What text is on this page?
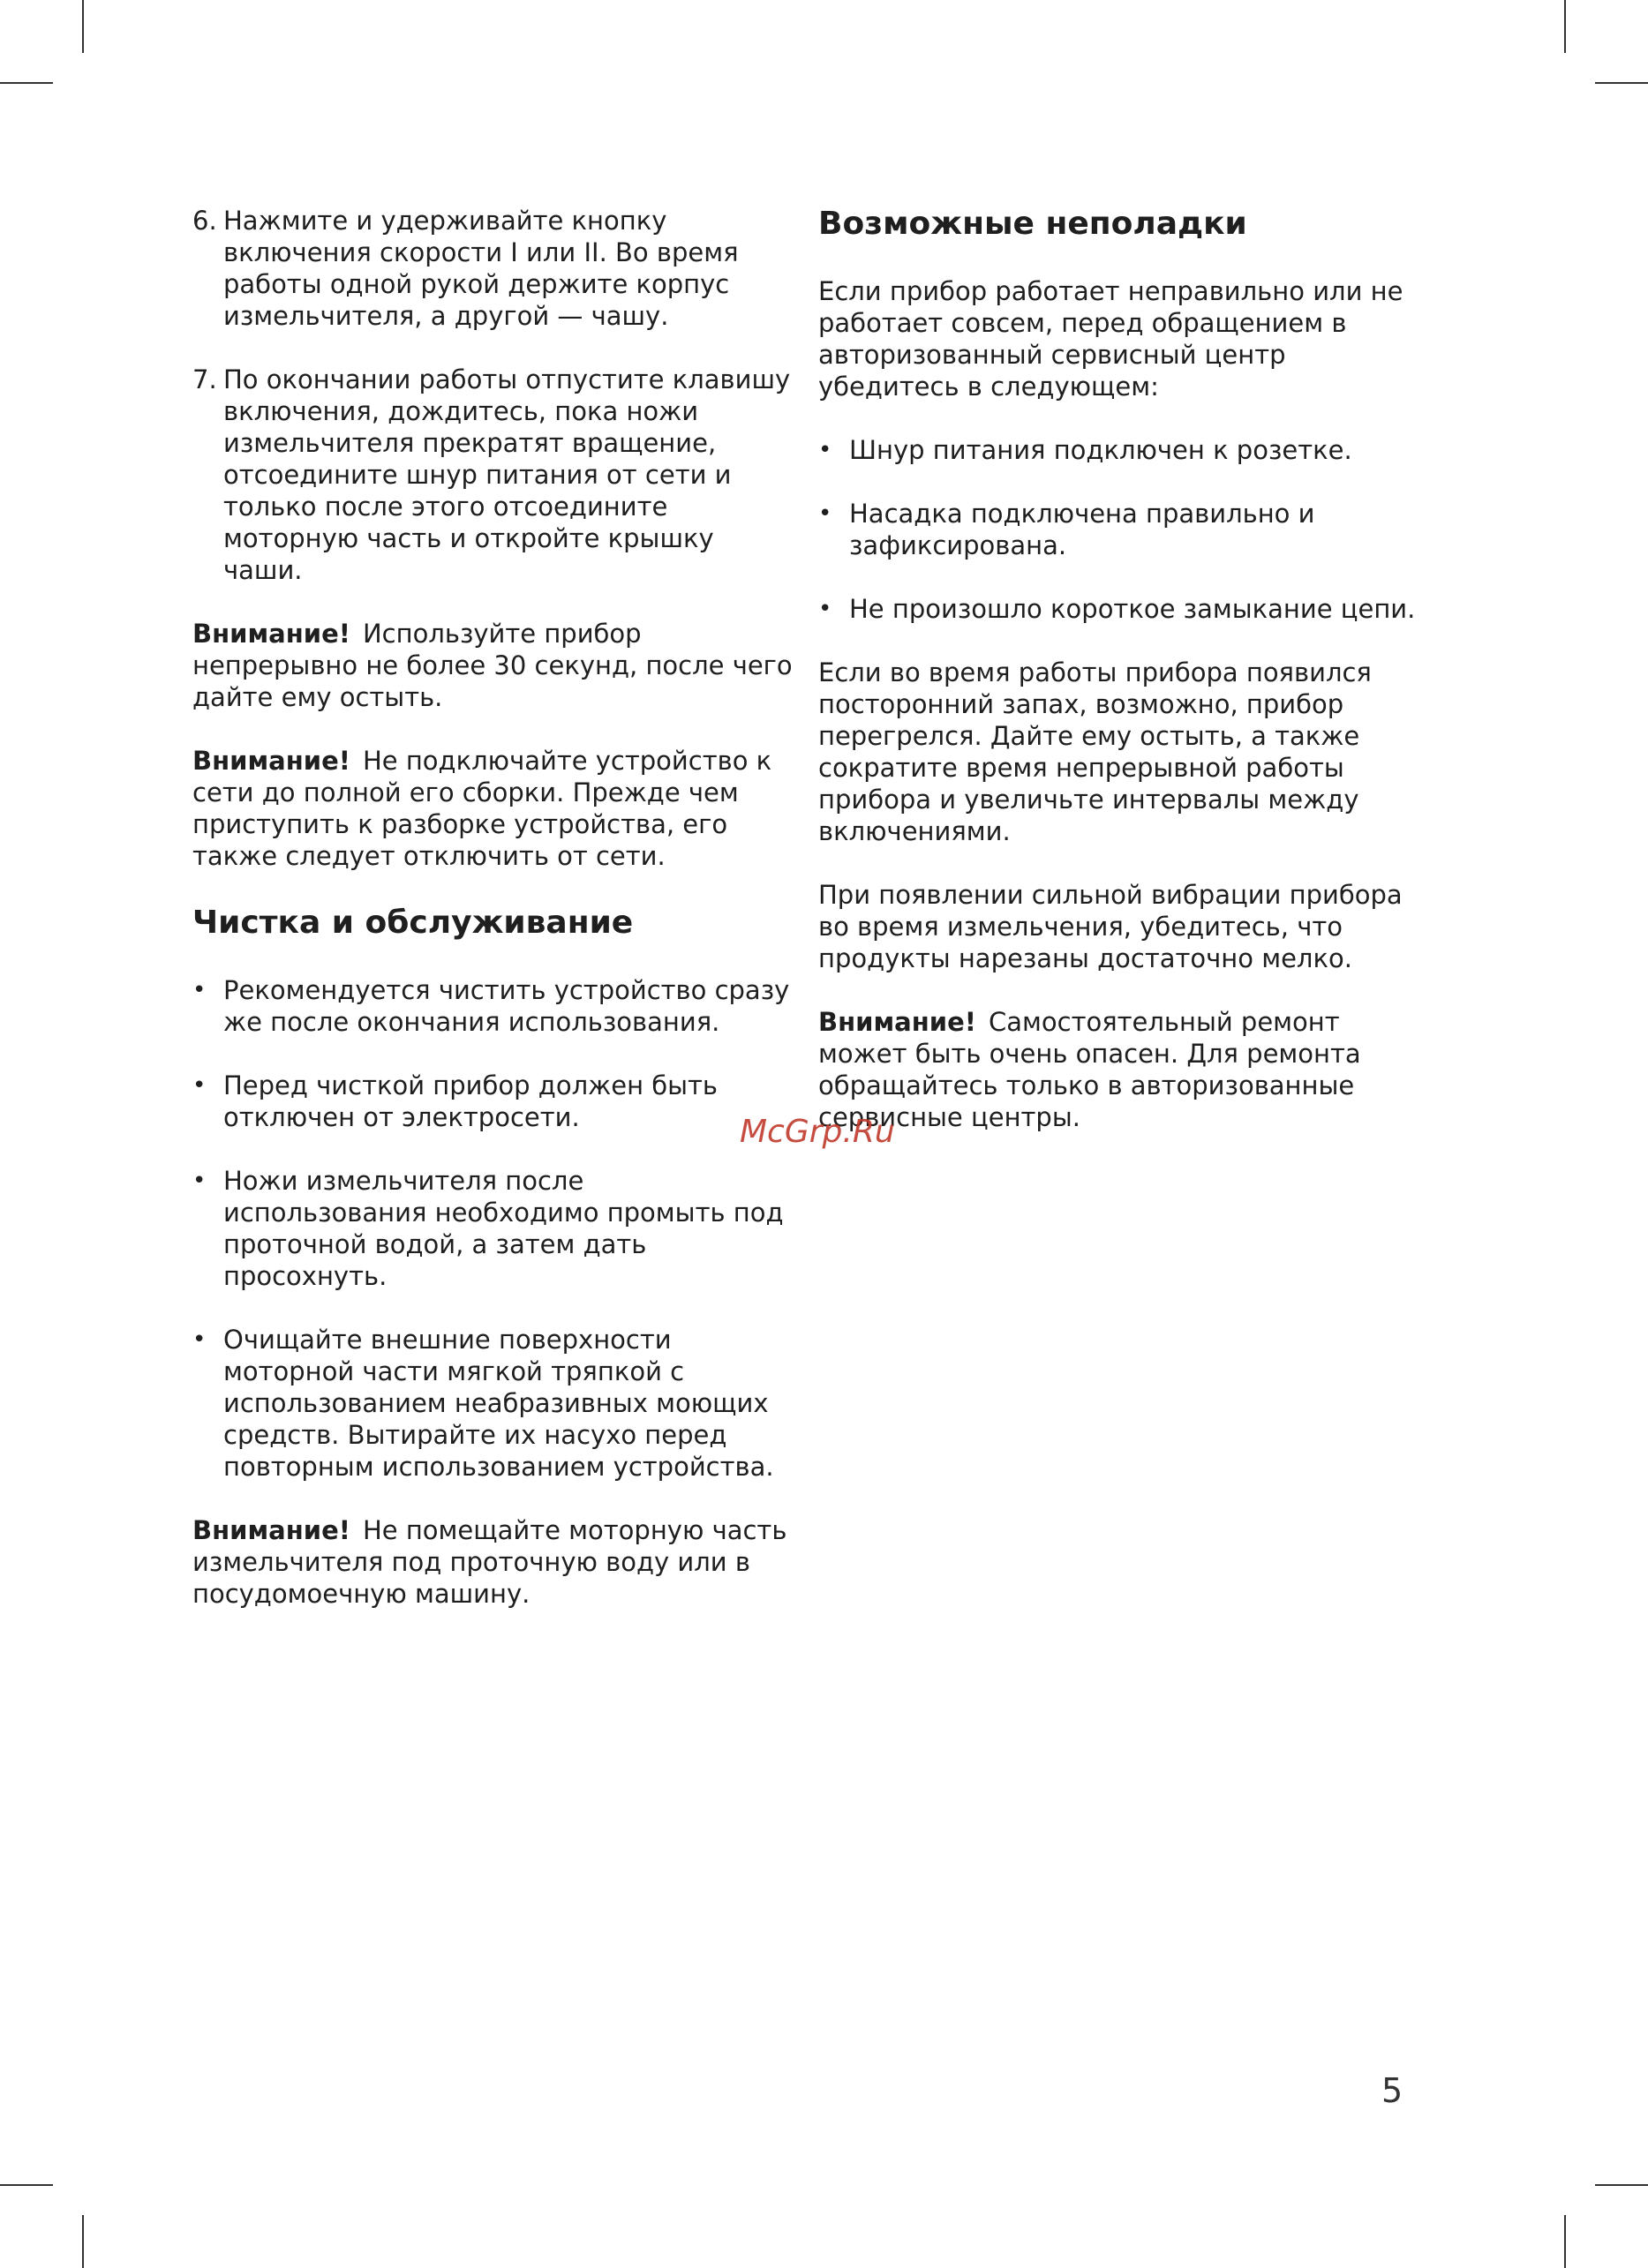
6. Нажмите и удерживайте кнопку включения скорости I или II. Во время работы одной рукой держите корпус измельчителя, а другой — чашу.
7. По окончании работы отпустите клавишу включения, дождитесь, пока ножи измельчителя прекратят вращение, отсоедините шнур питания от сети и только после этого отсоедините моторную часть и откройте крышку чаши.

Внимание! Используйте прибор непрерывно не более 30 секунд, после чего дайте ему остыть.

Внимание! Не подключайте устройство к сети до полной его сборки. Прежде чем приступить к разборке устройства, его также следует отключить от сети.

Чистка и обслуживание
• Рекомендуется чистить устройство сразу же после окончания использования.
• Перед чисткой прибор должен быть отключен от электросети.
• Ножи измельчителя после использования необходимо промыть под проточной водой, а затем дать просохнуть.
• Очищайте внешние поверхности моторной части мягкой тряпкой с использованием неабразивных моющих средств. Вытирайте их насухо перед повторным использованием устройства.

Внимание! Не помещайте моторную часть измельчителя под проточную воду или в посудомоечную машину.

Возможные неполадки

Если прибор работает неправильно или не работает совсем, перед обращением в авторизованный сервисный центр убедитесь в следующем:

• Шнур питания подключен к розетке.
• Насадка подключена правильно и зафиксирована.
• Не произошло короткое замыкание цепи.

Если во время работы прибора появился посторонний запах, возможно, прибор перегрелся. Дайте ему остыть, а также сократите время непрерывной работы прибора и увеличьте интервалы между включениями.

При появлении сильной вибрации прибора во время измельчения, убедитесь, что продукты нарезаны достаточно мелко.

Внимание! Самостоятельный ремонт может быть очень опасен. Для ремонта обращайтесь только в авторизованные сервисные центры.

McGrp.Ru
5
